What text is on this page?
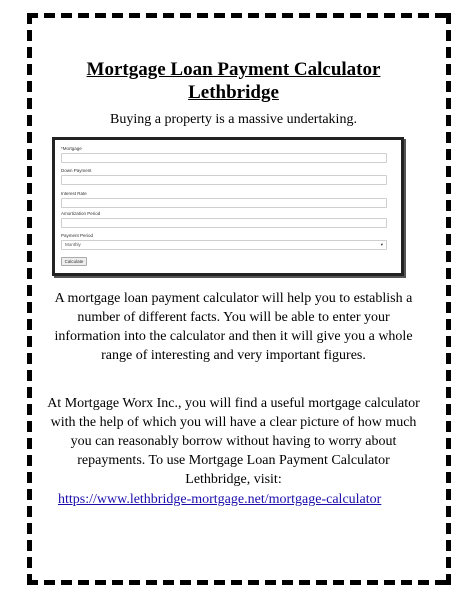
Mortgage Loan Payment Calculator
Lethbridge
Buying a property is a massive undertaking.
*Mortgage
Down Payment
Interest Rate
Amortization Period
Payment Period
Monthly	▾
Calculate
A mortgage loan payment calculator will help you to establish a number of different facts. You will be able to enter your information into the calculator and then it will give you a whole range of interesting and very important figures.
At Mortgage Worx Inc., you will find a useful mortgage calculator with the help of which you will have a clear picture of how much you can reasonably borrow without having to worry about repayments. To use Mortgage Loan Payment Calculator Lethbridge, visit:
https://www.lethbridge-mortgage.net/mortgage-calculator
